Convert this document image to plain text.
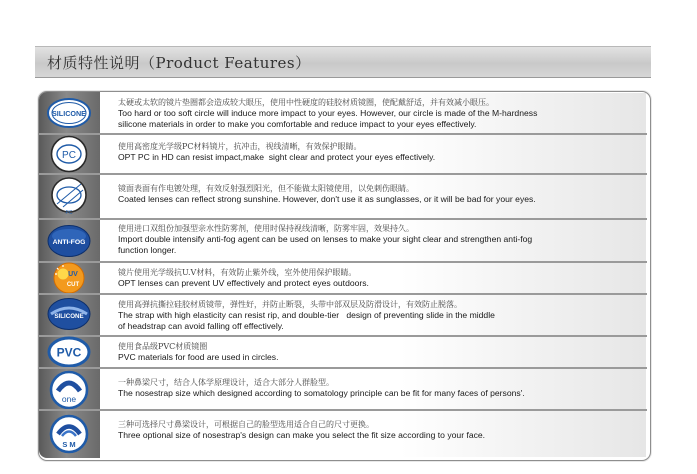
材质特性说明（Product Features）
太硬或太软的镜片垫圈都会造成较大眼压，使用中性硬度的硅胶材质镜圈，使配戴舒适，并有效减小眼压。
Too hard or too soft circle will induce more impact to your eyes. However, our circle is made of the M-hardness
silicone materials in order to make you comfortable and reduce impact to your eyes effectively.
SILICONE
使用高密度光学级PC材料镜片，抗冲击，视线清晰，有效保护眼睛。
OPT PC in HD can resist impact,make  sight clear and protect your eyes effectively.
PC
镜面表面有作电镀处理，有效反射强烈阳光，但不能做太阳镜使用，以免刺伤眼睛。
Coated lenses can reflect strong sunshine. However, don't use it as sunglasses, or it will be bad for your eyes.
PC
使用进口双组份加强型亲水性防雾剂，使用时保持视线清晰，防雾牢固，效果持久。
Import double intensify anti-fog agent can be used on lenses to make your sight clear and strengthen anti-fog
function longer.
ANTI-FOG
镜片使用光学级抗U.V材料，有效防止紫外线，室外使用保护眼睛。
OPT lenses can prevent UV effectively and protect eyes outdoors.
UV
CUT
使用高弹抗撕拉硅胶材质镜带，弹性好，并防止断裂，头带中部双层及防滑设计，有效防止脱落。
The strap with high elasticity can resist rip, and double-tier   design of preventing slide in the middle
of headstrap can avoid falling off effectively.
SILICONE
使用食品级PVC材质镜圈
PVC materials for food are used in circles.
PVC
一种鼻梁尺寸，结合人体学原理设计，适合大部分人群脸型。
The nosestrap size which designed according to somatology principle can be fit for many faces of persons'.
one
三种可选择尺寸鼻梁设计，可根据自己的脸型选用适合自己的尺寸更换。
Three optional size of nosestrap's design can make you select the fit size according to your face.
S M
